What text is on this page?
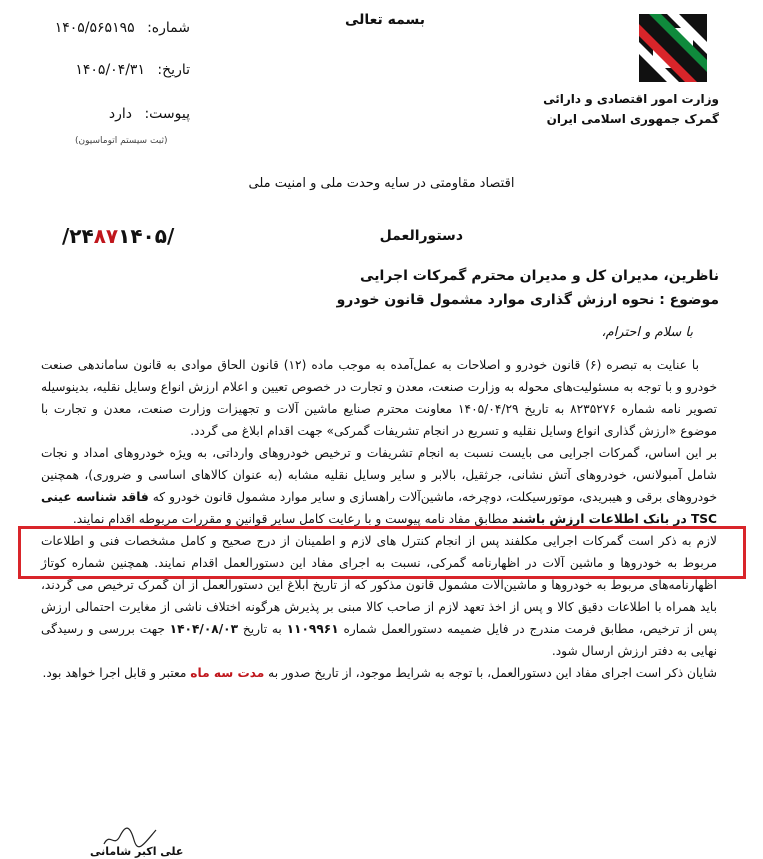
بسمه تعالی
شماره: ۱۴۰۵/۵۶۵۱۹۵
تاریخ: ۱۴۰۵/۰۴/۳۱
پیوست: دارد
(ثبت سیستم اتوماسیون)
وزارت امور اقتصادی و دارائی
گمرک جمهوری اسلامی ایران
اقتصاد مقاومتی در سایه وحدت ملی و امنیت ملی
دستورالعمل
/۲۴۸۷۱۴۰۵/
ناظرین، مدیران کل و مدیران محترم گمرکات اجرایی
موضوع : نحوه ارزش گذاری موارد مشمول قانون خودرو
با سلام و احترام،

با عنایت به تبصره (۶) قانون خودرو و اصلاحات به عمل‌آمده به موجب ماده (۱۲) قانون الحاق موادی به قانون ساماندهی صنعت خودرو و با توجه به مسئولیت‌های محوله به وزارت صنعت، معدن و تجارت در خصوص تعیین و اعلام ارزش انواع وسایل نقلیه، بدینوسیله تصویر نامه شماره ۸۲۳۵۲۷۶ به تاریخ ۱۴۰۵/۰۴/۲۹ معاونت محترم صنایع ماشین آلات و تجهیزات وزارت صنعت، معدن و تجارت با موضوع «ارزش گذاری انواع وسایل نقلیه و تسریع در انجام تشریفات گمرکی» جهت اقدام ابلاغ می گردد.

بر این اساس، گمرکات اجرایی می بایست نسبت به انجام تشریفات و ترخیص خودروهای وارداتی، به ویژه خودروهای امداد و نجات شامل آمبولانس، خودروهای آتش نشانی، جرثقیل، بالابر و سایر وسایل نقلیه مشابه (به عنوان کالاهای اساسی و ضروری)، همچنین خودروهای برقی و هیبریدی، موتورسیکلت، دوچرخه، ماشین‌آلات راهسازی و سایر موارد مشمول قانون خودرو که فاقد شناسه عینی TSC در بانک اطلاعات ارزش باشند مطابق مفاد نامه پیوست و با رعایت کامل سایر قوانین و مقررات مربوطه اقدام نمایند.

لازم به ذکر است گمرکات اجرایی مکلفند پس از انجام کنترل های لازم و اطمینان از درج صحیح و کامل مشخصات فنی و اطلاعات مربوط به خودروها و ماشین آلات در اظهارنامه گمرکی، نسبت به اجرای مفاد این دستورالعمل اقدام نمایند. همچنین شماره کوتاژ اظهارنامه‌های مربوط به خودروها و ماشین‌آلات مشمول قانون مذکور که از تاریخ ابلاغ این دستورالعمل از آن گمرک ترخیص می گردند، باید همراه با اطلاعات دقیق کالا و پس از اخذ تعهد لازم از صاحب کالا مبنی بر پذیرش هرگونه اختلاف ناشی از مغایرت احتمالی ارزش پس از ترخیص، مطابق فرمت مندرج در فایل ضمیمه دستورالعمل شماره ۱۱۰۹۹۶۱ به تاریخ ۱۴۰۴/۰۸/۰۳ جهت بررسی و رسیدگی نهایی به دفتر ارزش ارسال شود.

شایان ذکر است اجرای مفاد این دستورالعمل، با توجه به شرایط موجود، از تاریخ صدور به مدت سه ماه معتبر و قابل اجرا خواهد بود.

علی اکبر شامانی
